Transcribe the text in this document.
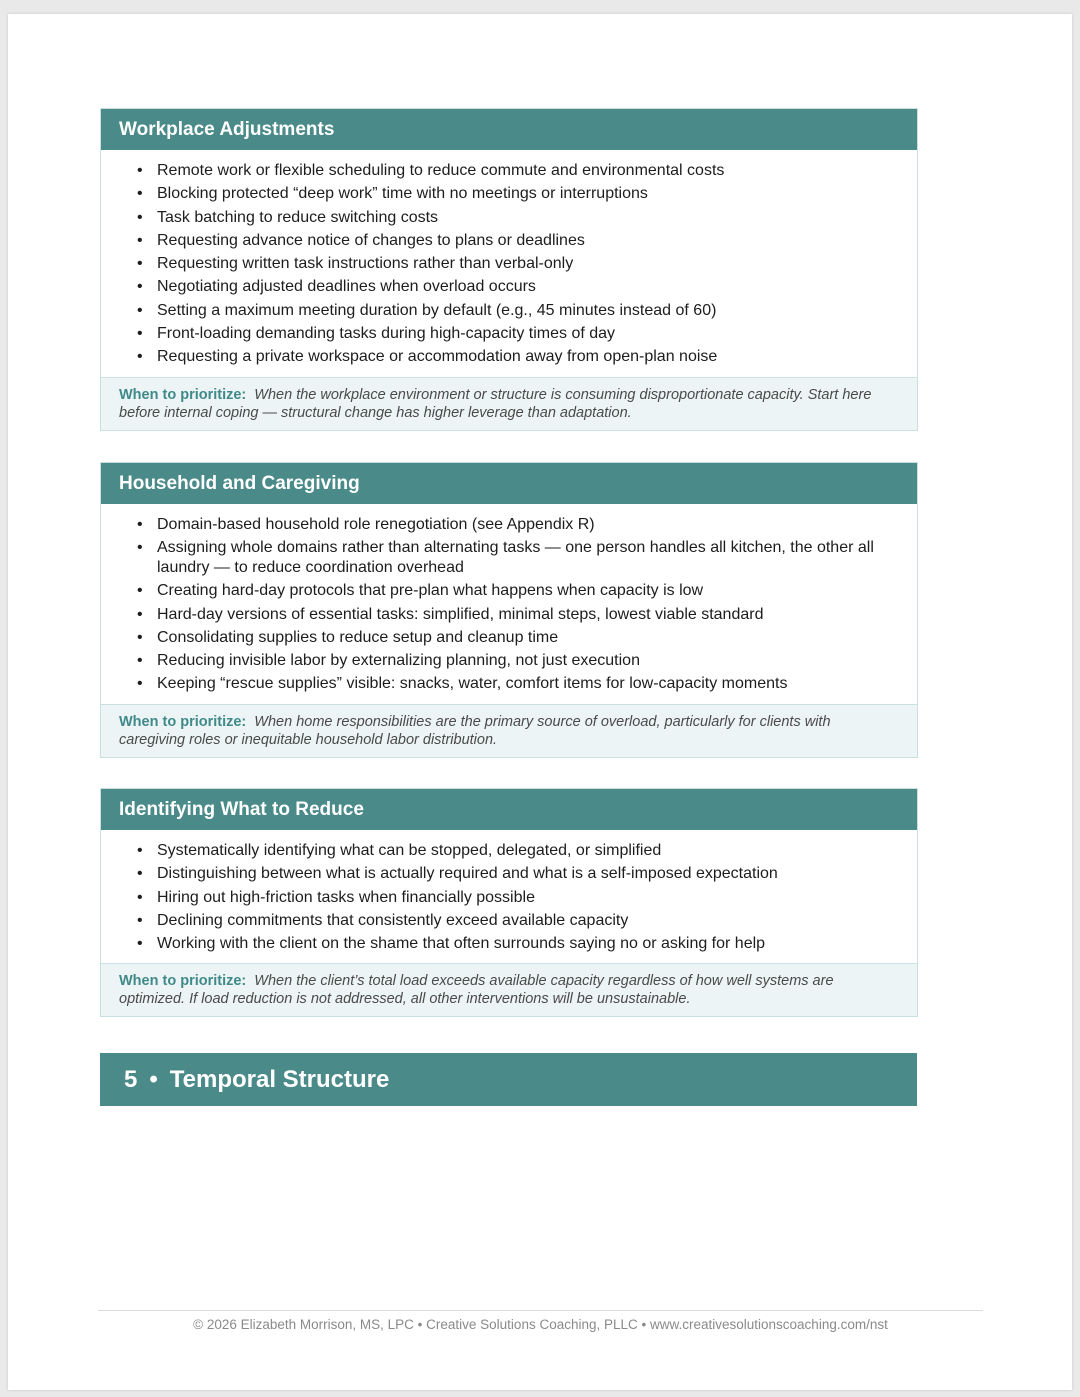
Workplace Adjustments
• Remote work or flexible scheduling to reduce commute and environmental costs
• Blocking protected “deep work” time with no meetings or interruptions
• Task batching to reduce switching costs
• Requesting advance notice of changes to plans or deadlines
• Requesting written task instructions rather than verbal-only
• Negotiating adjusted deadlines when overload occurs
• Setting a maximum meeting duration by default (e.g., 45 minutes instead of 60)
• Front-loading demanding tasks during high-capacity times of day
• Requesting a private workspace or accommodation away from open-plan noise
When to prioritize: When the workplace environment or structure is consuming disproportionate capacity. Start here before internal coping — structural change has higher leverage than adaptation.
Household and Caregiving
• Domain-based household role renegotiation (see Appendix R)
• Assigning whole domains rather than alternating tasks — one person handles all kitchen, the other all laundry — to reduce coordination overhead
• Creating hard-day protocols that pre-plan what happens when capacity is low
• Hard-day versions of essential tasks: simplified, minimal steps, lowest viable standard
• Consolidating supplies to reduce setup and cleanup time
• Reducing invisible labor by externalizing planning, not just execution
• Keeping “rescue supplies” visible: snacks, water, comfort items for low-capacity moments
When to prioritize: When home responsibilities are the primary source of overload, particularly for clients with caregiving roles or inequitable household labor distribution.
Identifying What to Reduce
• Systematically identifying what can be stopped, delegated, or simplified
• Distinguishing between what is actually required and what is a self-imposed expectation
• Hiring out high-friction tasks when financially possible
• Declining commitments that consistently exceed available capacity
• Working with the client on the shame that often surrounds saying no or asking for help
When to prioritize: When the client’s total load exceeds available capacity regardless of how well systems are optimized. If load reduction is not addressed, all other interventions will be unsustainable.
5 • Temporal Structure
© 2026 Elizabeth Morrison, MS, LPC • Creative Solutions Coaching, PLLC • www.creativesolutionscoaching.com/nst
